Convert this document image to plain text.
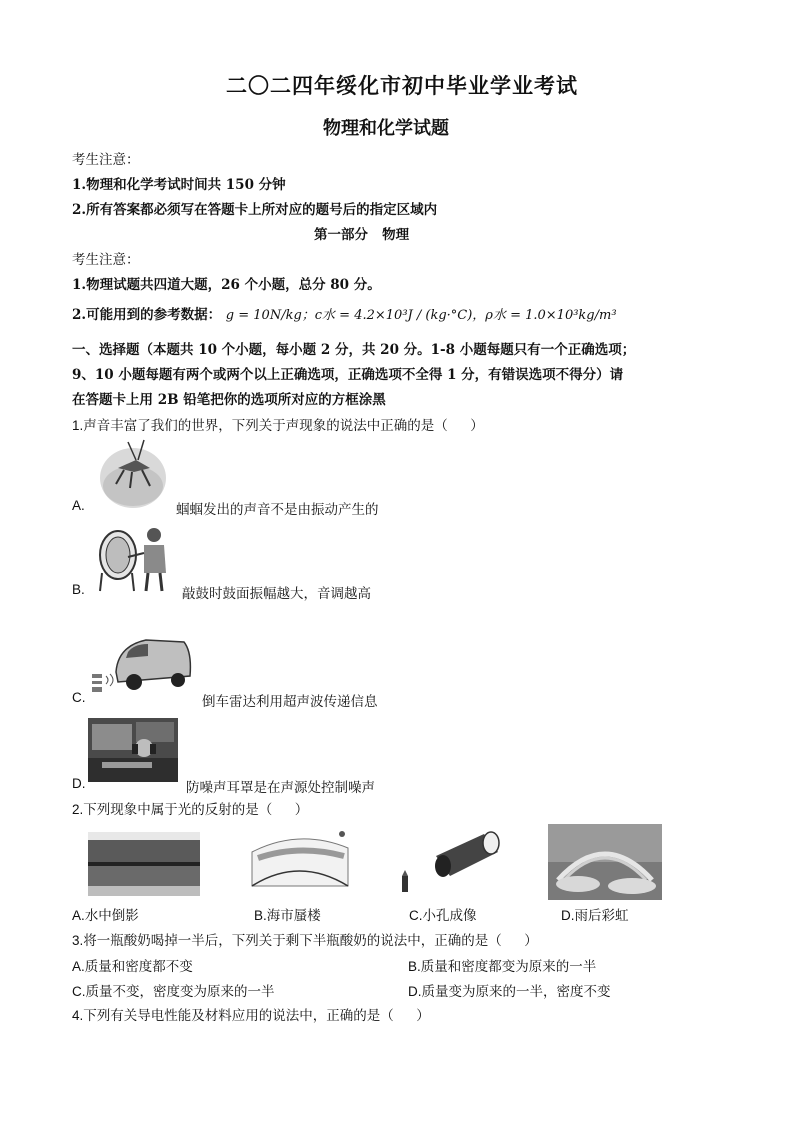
二〇二四年绥化市初中毕业学业考试
物理和化学试题
考生注意：
1.物理和化学考试时间共 150 分钟
2.所有答案都必须写在答题卡上所对应的题号后的指定区域内
第一部分   物理
考生注意：
1.物理试题共四道大题，26 个小题，总分 80 分。
2.可能用到的参考数据： g = 10N/kg；c水 = 4.2×10³J / (kg·°C)，ρ水 = 1.0×10³kg/m³
一、选择题（本题共 10 个小题，每小题 2 分，共 20 分。1-8 小题每题只有一个正确选项；
9、10 小题每题有两个或两个以上正确选项，正确选项不全得 1 分，有错误选项不得分）请
在答题卡上用 2B 铅笔把你的选项所对应的方框涂黑
1.声音丰富了我们的世界，下列关于声现象的说法中正确的是（      ）
A.	蝈蝈发出的声音不是由振动产生的
B.	敲鼓时鼓面振幅越大，音调越高
C.	倒车雷达利用超声波传递信息
D.	防噪声耳罩是在声源处控制噪声
2.下列现象中属于光的反射的是（      ）
A.水中倒影	B.海市蜃楼	C.小孔成像	D.雨后彩虹
3.将一瓶酸奶喝掉一半后，下列关于剩下半瓶酸奶的说法中，正确的是（      ）
A.质量和密度都不变	B.质量和密度都变为原来的一半
C.质量不变，密度变为原来的一半	D.质量变为原来的一半，密度不变
4.下列有关导电性能及材料应用的说法中，正确的是（      ）
